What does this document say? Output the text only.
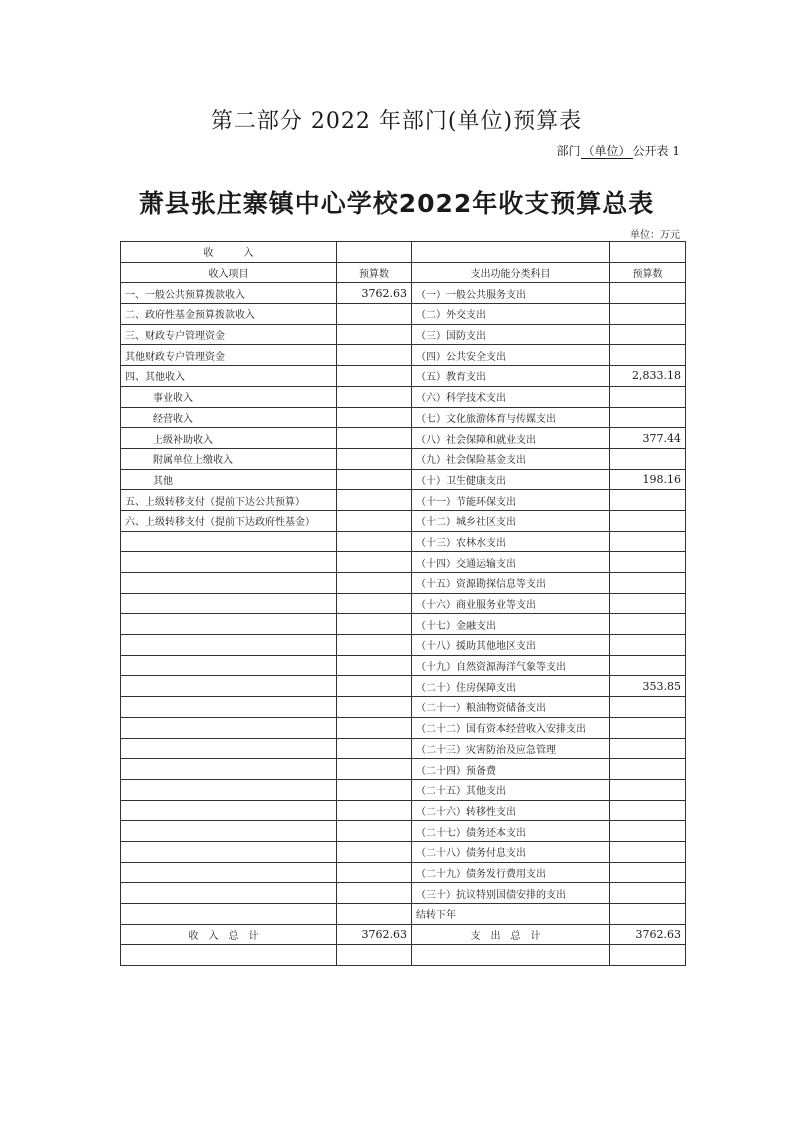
第二部分 2022 年部门(单位)预算表
部门 （单位） 公开表 1
萧县张庄寨镇中心学校2022年收支预算总表
单位：万元
收　　　入			
收入项目	预算数	支出功能分类科目	预算数
一、一般公共预算拨款收入	3762.63	（一）一般公共服务支出	
二、政府性基金预算拨款收入		（二）外交支出	
三、财政专户管理资金		（三）国防支出	
其他财政专户管理资金		（四）公共安全支出	
四、其他收入		（五）教育支出	2,833.18
事业收入		（六）科学技术支出	
经营收入		（七）文化旅游体育与传媒支出	
上级补助收入		（八）社会保障和就业支出	377.44
附属单位上缴收入		（九）社会保险基金支出	
其他		（十）卫生健康支出	198.16
五、上级转移支付（提前下达公共预算）		（十一）节能环保支出	
六、上级转移支付（提前下达政府性基金）		（十二）城乡社区支出	
		（十三）农林水支出	
		（十四）交通运输支出	
		（十五）资源勘探信息等支出	
		（十六）商业服务业等支出	
		（十七）金融支出	
		（十八）援助其他地区支出	
		（十九）自然资源海洋气象等支出	
		（二十）住房保障支出	353.85
		（二十一）粮油物资储备支出	
		（二十二）国有资本经营收入安排支出	
		（二十三）灾害防治及应急管理	
		（二十四）预备费	
		（二十五）其他支出	
		（二十六）转移性支出	
		（二十七）债务还本支出	
		（二十八）债务付息支出	
		（二十九）债务发行费用支出	
		（三十）抗议特别国债安排的支出	
		结转下年	
收入总计	3762.63	支出总计	3762.63
